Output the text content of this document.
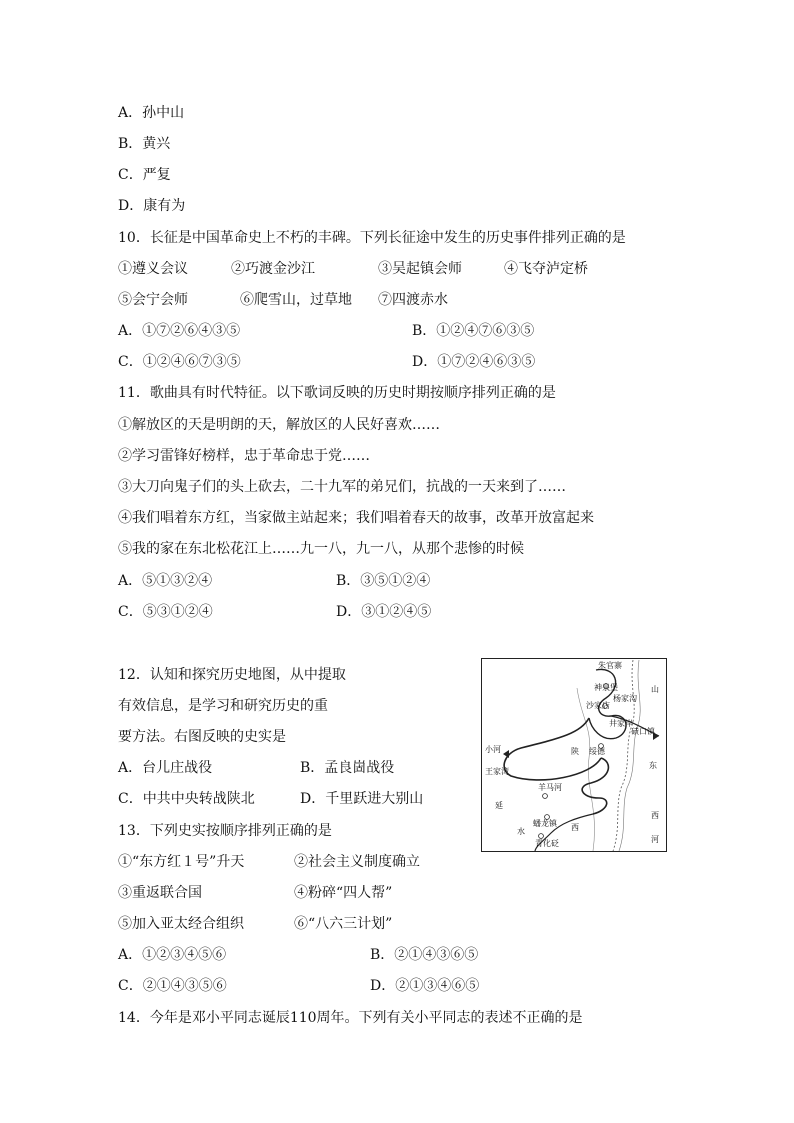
A．孙中山
B．黄兴
C．严复
D．康有为
10．长征是中国革命史上不朽的丰碑。下列长征途中发生的历史事件排列正确的是
①遵义会议	②巧渡金沙江	③吴起镇会师	④飞夺泸定桥
⑤会宁会师	⑥爬雪山，过草地 ⑦四渡赤水
A．①⑦②⑥④③⑤	B．①②④⑦⑥③⑤
C．①②④⑥⑦③⑤	D．①⑦②④⑥③⑤
11．歌曲具有时代特征。以下歌词反映的历史时期按顺序排列正确的是
①解放区的天是明朗的天，解放区的人民好喜欢……
②学习雷锋好榜样，忠于革命忠于党……
③大刀向鬼子们的头上砍去，二十九军的弟兄们，抗战的一天来到了……
④我们唱着东方红，当家做主站起来；我们唱着春天的故事，改革开放富起来
⑤我的家在东北松花江上……九一八，九一八，从那个悲惨的时候
A．⑤①③②④	B．③⑤①②④
C．⑤③①②④	D．③①②④⑤
12．认知和探究历史地图，从中提取
有效信息，是学习和研究历史的重
要方法。右图反映的史实是
A．台儿庄战役	B．孟良崮战役
C．中共中央转战陕北	D．千里跃进大别山
朱官寨
神泉堡
杨家沟
沙家店
井家岸
碛口镇
山
小河
王家湾
陕 绥德
羊马河
蟠龙镇
青化砭
延
水	西
西
河
东
13．下列史实按顺序排列正确的是
①“东方红１号”升天	②社会主义制度确立
③重返联合国	④粉碎“四人帮”
⑤加入亚太经合组织	⑥“八六三计划”
A．①②③④⑤⑥	B．②①④③⑥⑤
C．②①④③⑤⑥	D．②①③④⑥⑤
14．今年是邓小平同志诞辰110周年。下列有关小平同志的表述不正确的是
